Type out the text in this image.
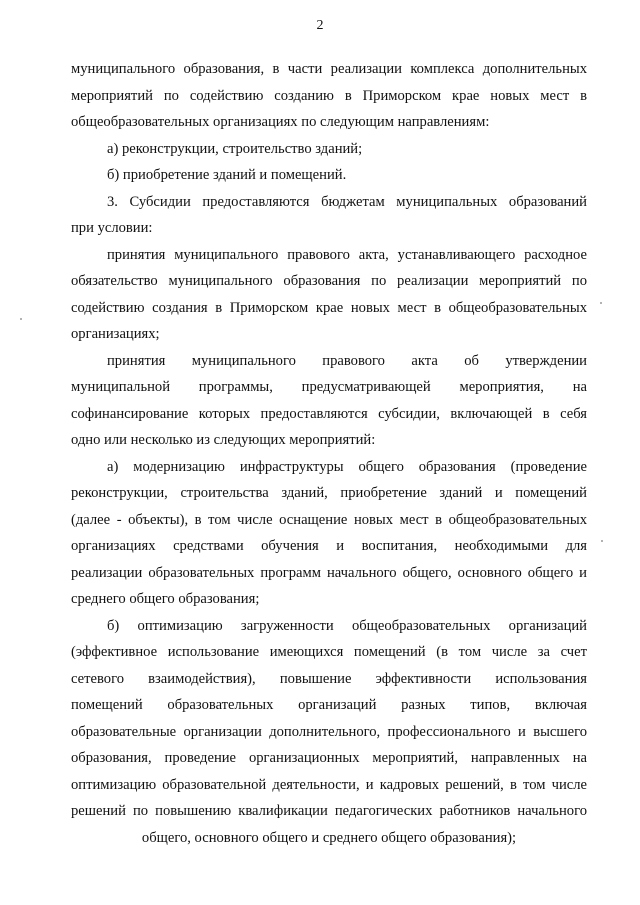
2
муниципального образования, в части реализации комплекса дополнительных
мероприятий по содействию созданию в Приморском крае новых мест в
общеобразовательных организациях по следующим направлениям:
а) реконструкции, строительство зданий;
б) приобретение зданий и помещений.
3. Субсидии предоставляются бюджетам муниципальных образований
при условии:
принятия муниципального правового акта, устанавливающего расходное
обязательство муниципального образования по реализации мероприятий по
содействию создания в Приморском крае новых мест в общеобразовательных
организациях;
принятия муниципального правового акта об утверждении
муниципальной программы, предусматривающей мероприятия, на
софинансирование которых предоставляются субсидии, включающей в себя
одно или несколько из следующих мероприятий:
а) модернизацию инфраструктуры общего образования (проведение
реконструкции, строительства зданий, приобретение зданий и помещений
(далее - объекты), в том числе оснащение новых мест в общеобразовательных
организациях средствами обучения и воспитания, необходимыми для
реализации образовательных программ начального общего, основного общего и
среднего общего образования;
б) оптимизацию загруженности общеобразовательных организаций
(эффективное использование имеющихся помещений (в том числе за счет
сетевого взаимодействия), повышение эффективности использования
помещений образовательных организаций разных типов, включая
образовательные организации дополнительного, профессионального и высшего
образования, проведение организационных мероприятий, направленных на
оптимизацию образовательной деятельности, и кадровых решений, в том числе
решений по повышению квалификации педагогических работников начального
общего, основного общего и среднего общего образования);
